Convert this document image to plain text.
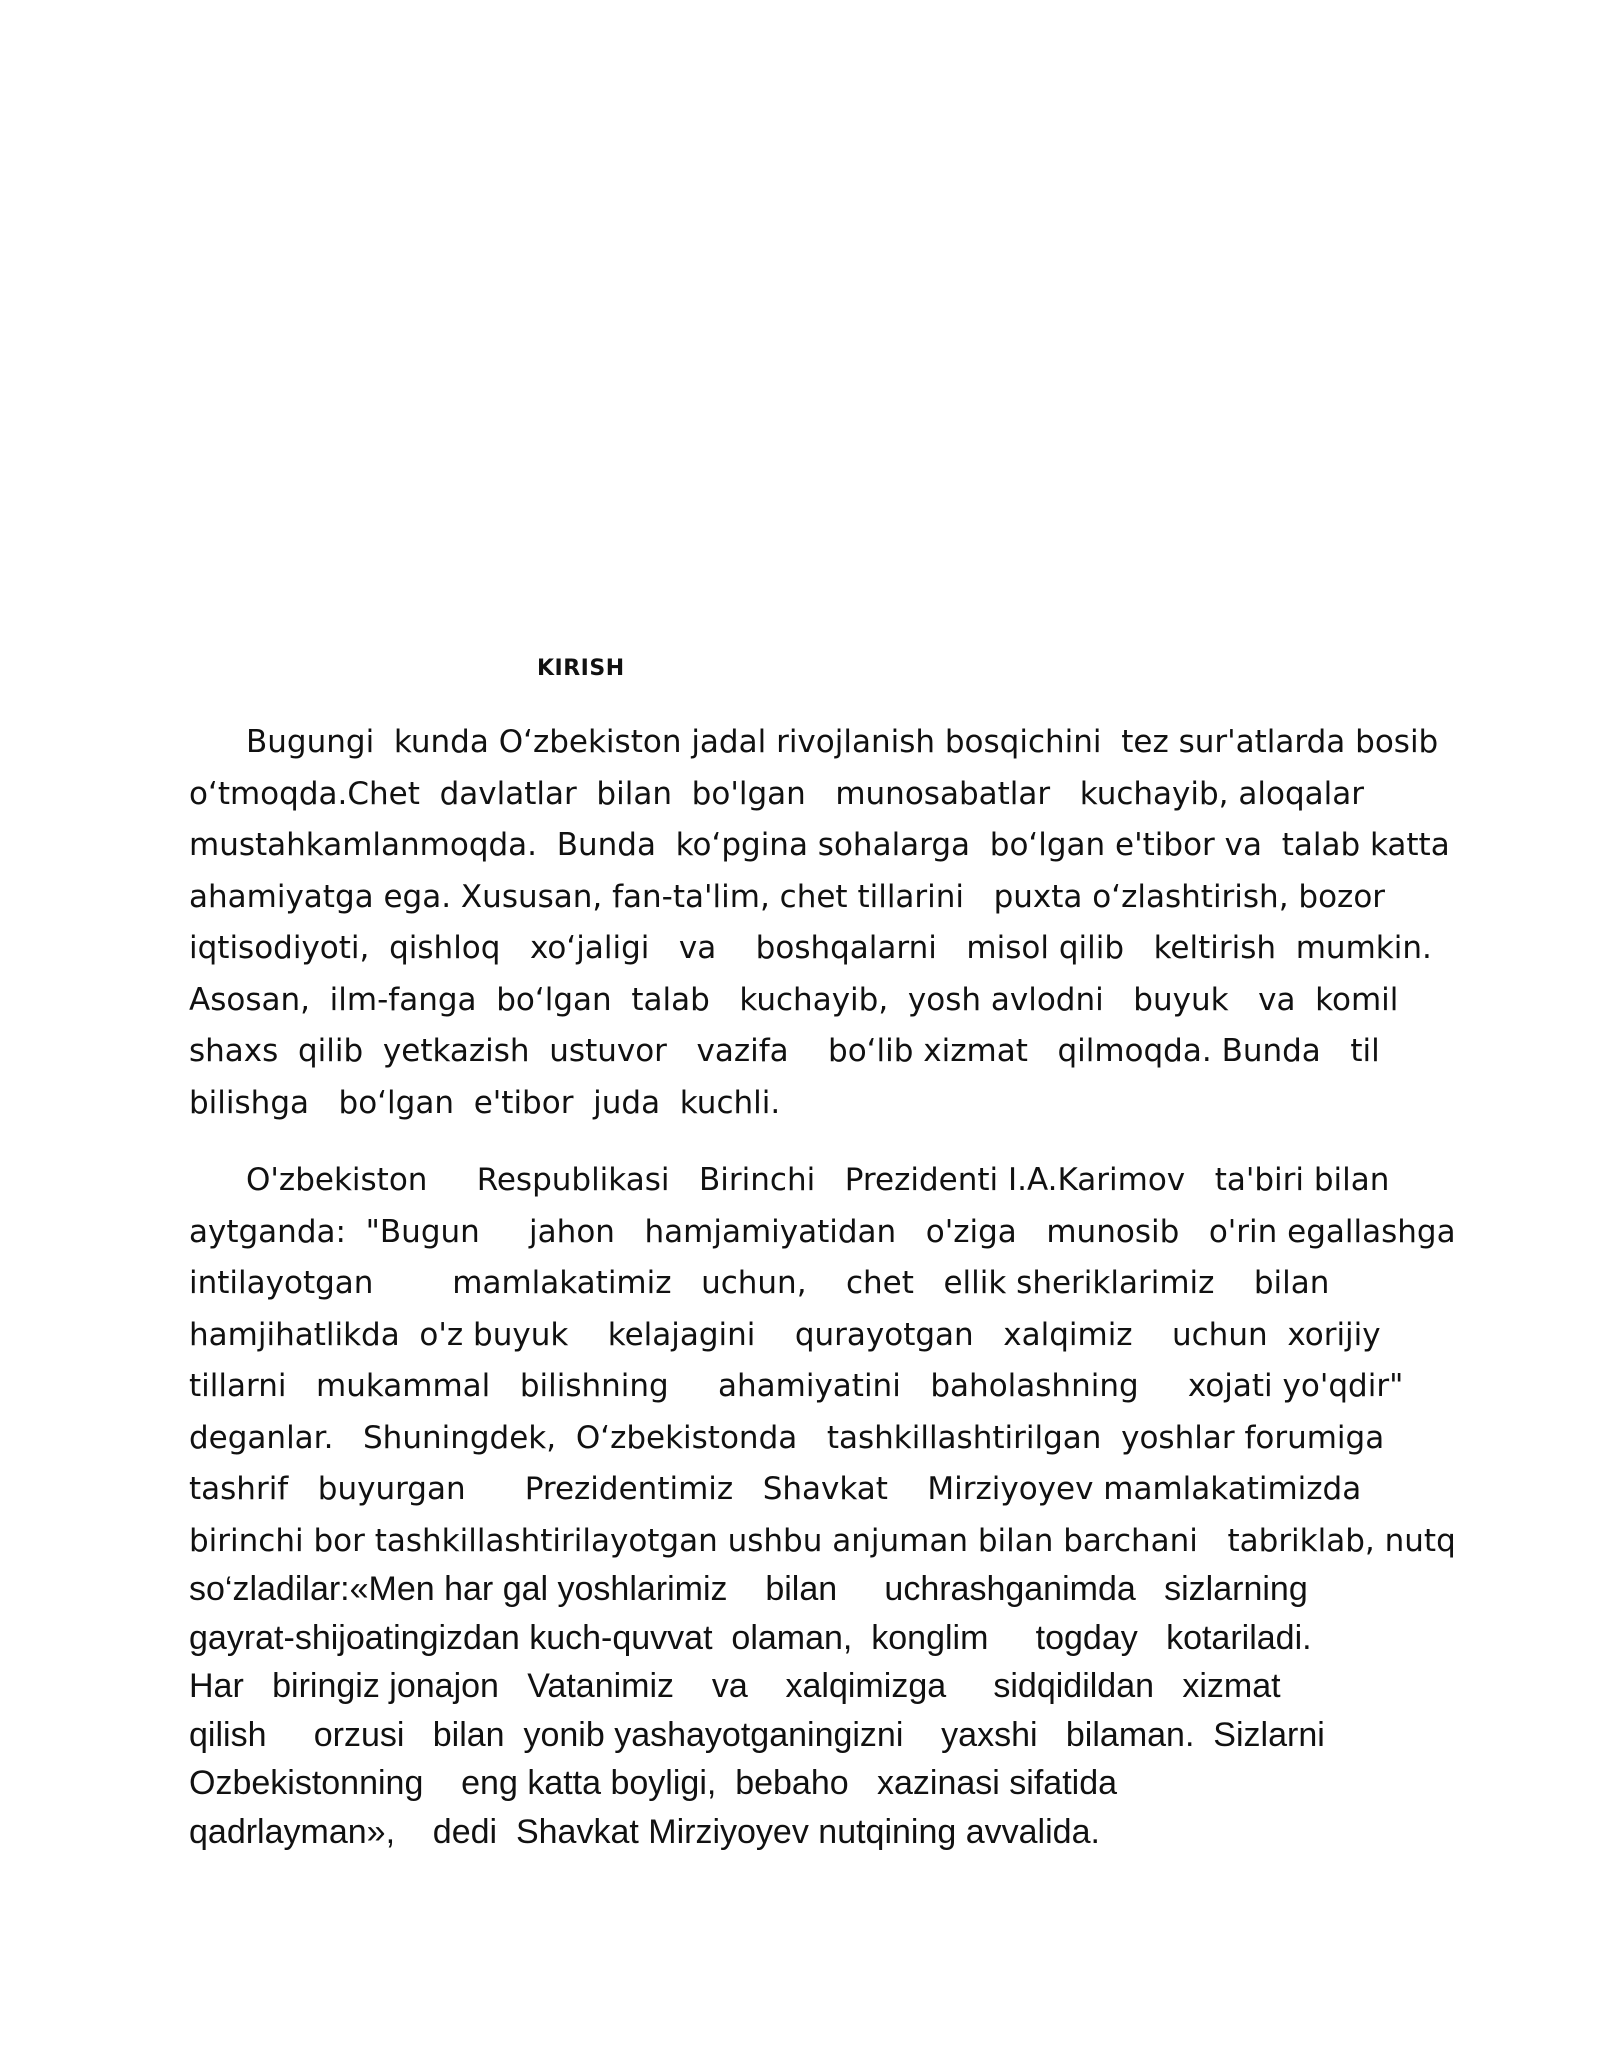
KIRISH
Bugungi  kunda O‘zbekiston jadal rivojlanish bosqichini  tez sur'atlarda bosib
o‘tmoqda.Chet  davlatlar  bilan  bo'lgan   munosabatlar   kuchayib, aloqalar
mustahkamlanmoqda.  Bunda  ko‘pgina sohalarga  bo‘lgan e'tibor va  talab katta
ahamiyatga ega. Xususan, fan-ta'lim, chet tillarini   puxta o‘zlashtirish, bozor
iqtisodiyoti,  qishloq   xo‘jaligi   va    boshqalarni   misol qilib   keltirish  mumkin.
Asosan,  ilm-fanga  bo‘lgan  talab   kuchayib,  yosh avlodni   buyuk   va  komil
shaxs  qilib  yetkazish  ustuvor   vazifa    bo‘lib xizmat   qilmoqda. Bunda   til
bilishga   bo‘lgan  e'tibor  juda  kuchli.
O'zbekiston     Respublikasi   Birinchi   Prezidenti I.A.Karimov   ta'biri bilan
aytganda:  "Bugun     jahon   hamjamiyatidan   o'ziga   munosib   o'rin egallashga
intilayotgan        mamlakatimiz   uchun,    chet   ellik sheriklarimiz    bilan
hamjihatlikda  o'z buyuk    kelajagini    qurayotgan   xalqimiz    uchun  xorijiy
tillarni   mukammal   bilishning     ahamiyatini   baholashning     xojati yo'qdir"
deganlar.   Shuningdek,  O‘zbekistonda   tashkillashtirilgan  yoshlar forumiga
tashrif   buyurgan      Prezidentimiz   Shavkat    Mirziyoyev mamlakatimizda
birinchi bor tashkillashtirilayotgan ushbu anjuman bilan barchani   tabriklab, nutq
so‘zladilar:«Men har gal yoshlarimiz    bilan     uchrashganimda   sizlarning
gayrat-shijoatingizdan kuch-quvvat  olaman,  konglim     togday   kotariladi.
Har   biringiz jonajon   Vatanimiz    va    xalqimizga     sidqidildan   xizmat
qilish     orzusi   bilan  yonib yashayotganingizni    yaxshi   bilaman.  Sizlarni
Ozbekistonning    eng katta boyligi,  bebaho   xazinasi sifatida
qadrlayman»,    dedi  Shavkat Mirziyoyev nutqining avvalida.
